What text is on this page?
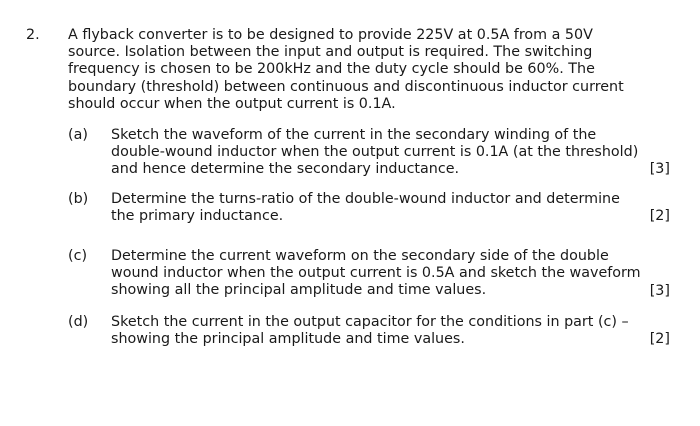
2. A flyback converter is to be designed to provide 225V at 0.5A from a 50V
source. Isolation between the input and output is required. The switching
frequency is chosen to be 200kHz and the duty cycle should be 60%. The
boundary (threshold) between continuous and discontinuous inductor current
should occur when the output current is 0.1A.
(a) Sketch the waveform of the current in the secondary winding of the
double-wound inductor when the output current is 0.1A (at the threshold)
and hence determine the secondary inductance.	[3]
(b) Determine the turns-ratio of the double-wound inductor and determine
the primary inductance.	[2]
(c) Determine the current waveform on the secondary side of the double
wound inductor when the output current is 0.5A and sketch the waveform
showing all the principal amplitude and time values.	[3]
(d) Sketch the current in the output capacitor for the conditions in part (c) –
showing the principal amplitude and time values.	[2]
